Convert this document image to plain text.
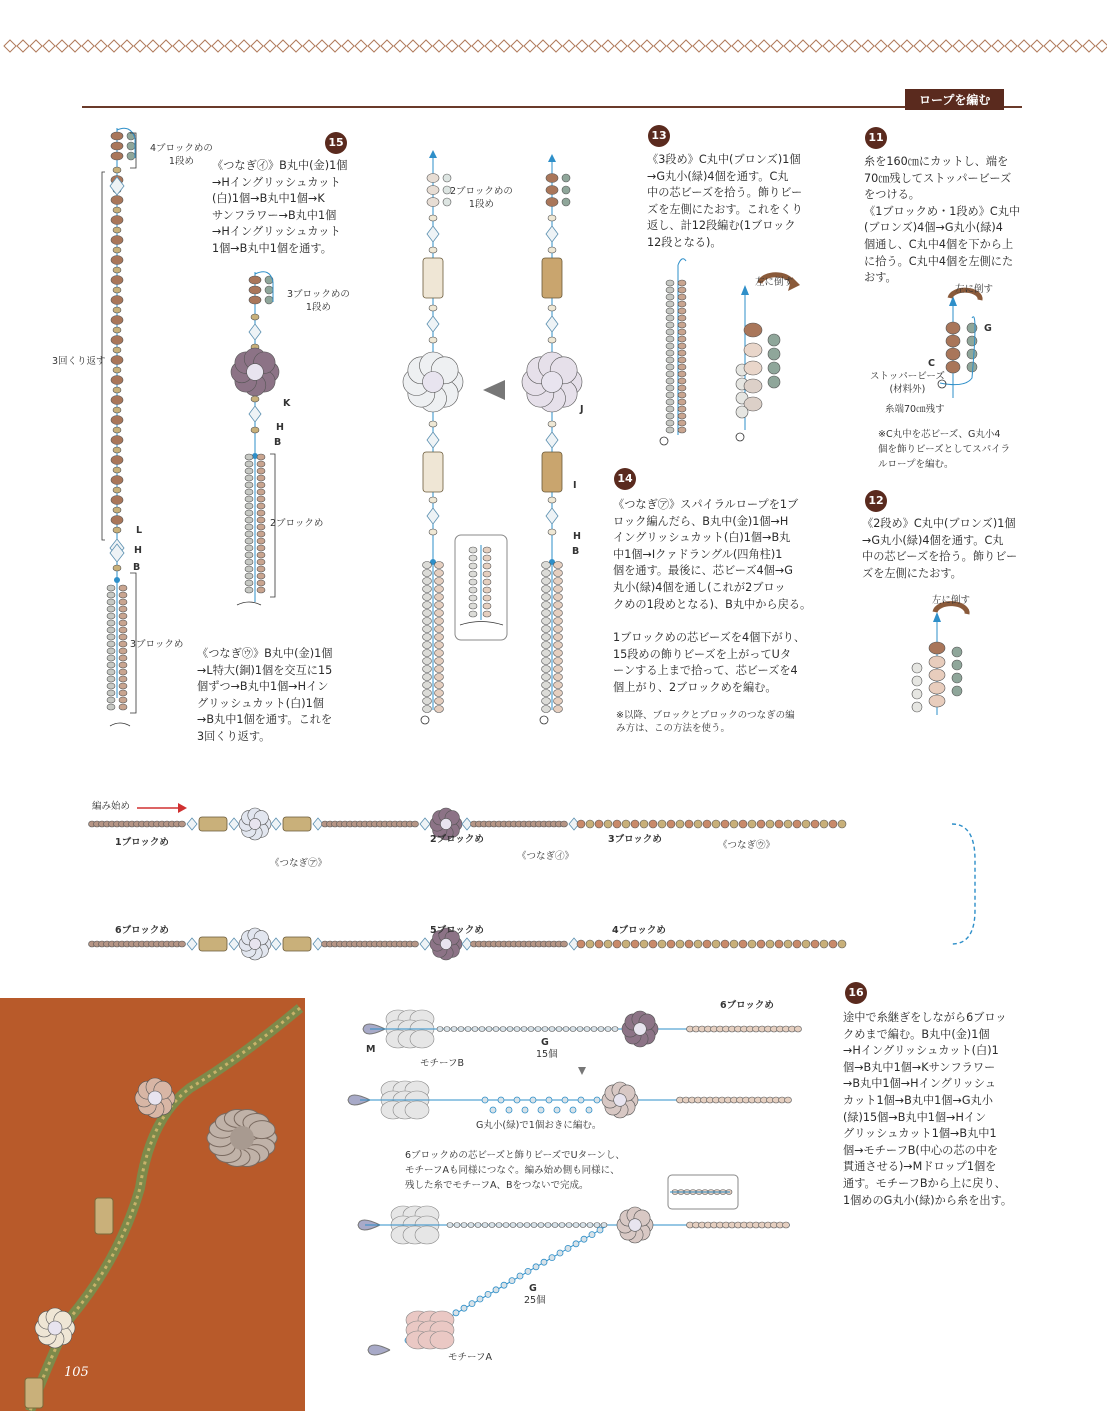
ロープを編む
4ブロックめの
1段め
3回くり返す
L
H
B
3ブロックめ
15
《つなぎ㋑》B丸中(金)1個
→Hイングリッシュカット
(白)1個→B丸中1個→K
サンフラワー→B丸中1個
→Hイングリッシュカット
1個→B丸中1個を通す。
3ブロックめの
1段め
K
H
B
2ブロックめ
《つなぎ㋒》B丸中(金)1個
→L特大(銅)1個を交互に15
個ずつ→B丸中1個→Hイン
グリッシュカット(白)1個
→B丸中1個を通す。これを
3回くり返す。
2ブロックめの
1段め
J
I
H
B
13
《3段め》C丸中(ブロンズ)1個
→G丸小(緑)4個を通す。C丸
中の芯ビーズを拾う。飾りビー
ズを左側にたおす。これをくり
返し、計12段編む(1ブロック
12段となる)。
左に倒す
14
《つなぎ㋐》スパイラルロープを1ブ
ロック編んだら、B丸中(金)1個→H
イングリッシュカット(白)1個→B丸
中1個→Iクァドラングル(四角柱)1
個を通す。最後に、芯ビーズ4個→G
丸小(緑)4個を通し(これが2ブロッ
クめの1段めとなる)、B丸中から戻る。
1ブロックめの芯ビーズを4個下がり、
15段めの飾りビーズを上がってUタ
ーンする上まで拾って、芯ビーズを4
個上がり、2ブロックめを編む。
※以降、ブロックとブロックのつなぎの編
み方は、この方法を使う。
11
糸を160㎝にカットし、端を
70㎝残してストッパービーズ
をつける。
《1ブロックめ・1段め》C丸中
(ブロンズ)4個→G丸小(緑)4
個通し、C丸中4個を下から上
に拾う。C丸中4個を左側にた
おす。
左に倒す
G
C
ストッパービーズ
(材料外)
糸端70㎝残す
※C丸中を芯ビーズ、G丸小4
個を飾りビーズとしてスパイラ
ルロープを編む。
12
《2段め》C丸中(ブロンズ)1個
→G丸小(緑)4個を通す。C丸
中の芯ビーズを拾う。飾りビー
ズを左側にたおす。
左に倒す
編み始め
1ブロックめ
《つなぎ㋐》
2ブロックめ
《つなぎ㋑》
3ブロックめ
《つなぎ㋒》
6ブロックめ	5ブロックめ	4ブロックめ
105
16
途中で糸継ぎをしながら6ブロッ
クめまで編む。B丸中(金)1個
→Hイングリッシュカット(白)1
個→B丸中1個→Kサンフラワー
→B丸中1個→Hイングリッシュ
カット1個→B丸中1個→G丸小
(緑)15個→B丸中1個→Hイン
グリッシュカット1個→B丸中1
個→モチーフB(中心の芯の中を
貫通させる)→Mドロップ1個を
通す。モチーフBから上に戻り、
1個めのG丸小(緑)から糸を出す。
6ブロックめ
M
モチーフB
G
15個
G丸小(緑)で1個おきに編む。
6ブロックめの芯ビーズと飾りビーズでUターンし、
モチーフAも同様につなぐ。編み始め側も同様に、
残した糸でモチーフA、Bをつないで完成。
G
25個
モチーフA
